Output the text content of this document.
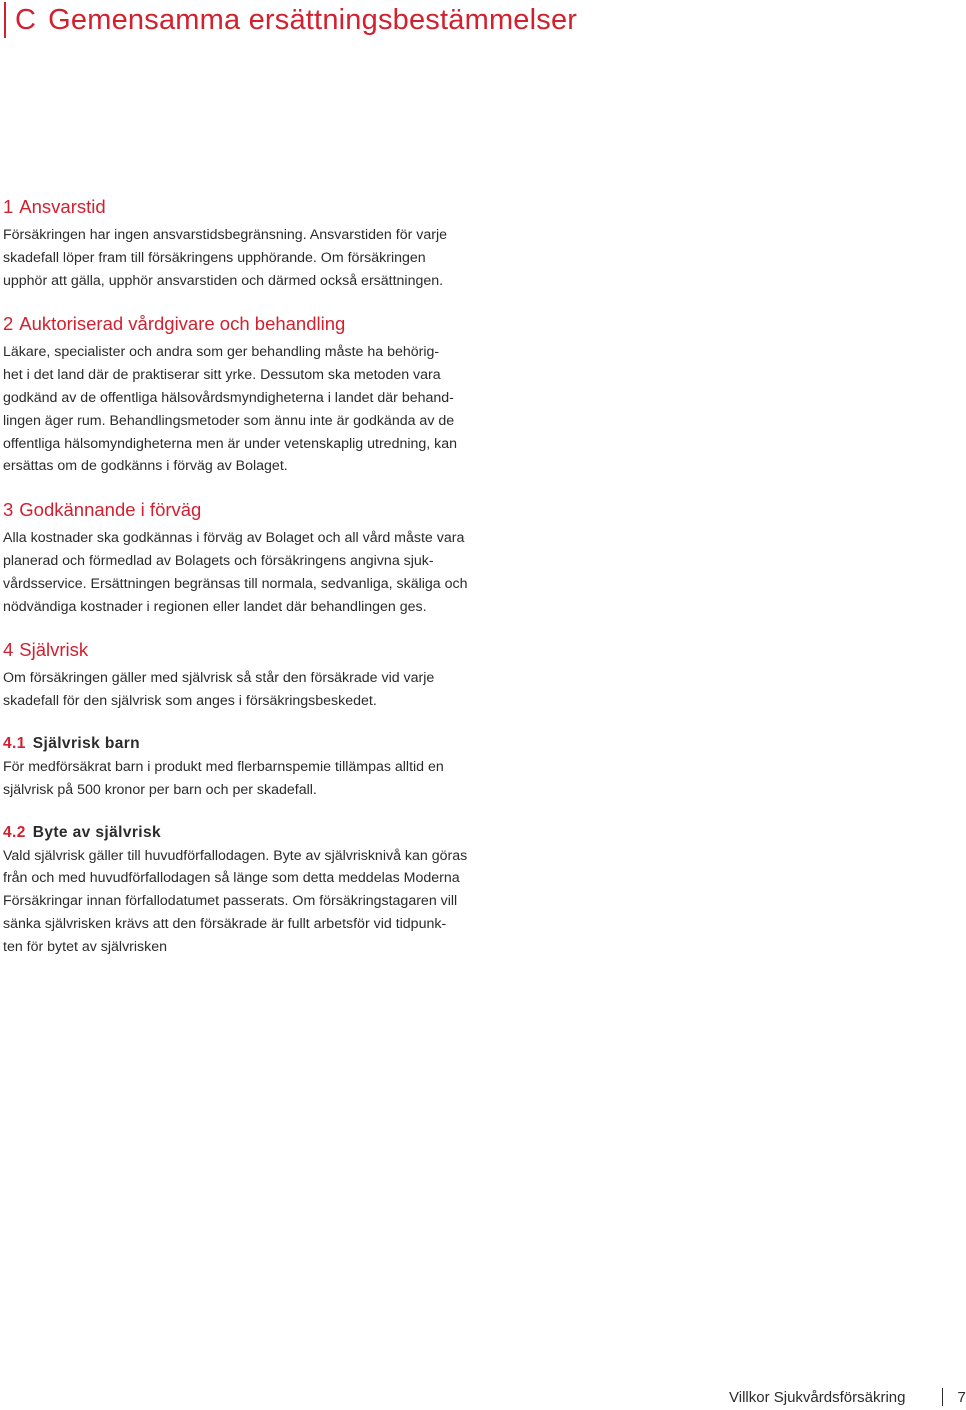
C Gemensamma ersättningsbestämmelser
1 Ansvarstid

Försäkringen har ingen ansvarstidsbegränsning. Ansvarstiden för varje
skadefall löper fram till försäkringens upphörande. Om försäkringen
upphör att gälla, upphör ansvarstiden och därmed också ersättningen.

2 Auktoriserad vårdgivare och behandling

Läkare, specialister och andra som ger behandling måste ha behörig-
het i det land där de praktiserar sitt yrke. Dessutom ska metoden vara
godkänd av de offentliga hälsovårdsmyndigheterna i landet där behand-
lingen äger rum. Behandlingsmetoder som ännu inte är godkända av de
offentliga hälsomyndigheterna men är under vetenskaplig utredning, kan
ersättas om de godkänns i förväg av Bolaget.

3 Godkännande i förväg

Alla kostnader ska godkännas i förväg av Bolaget och all vård måste vara
planerad och förmedlad av Bolagets och försäkringens angivna sjuk-
vårdsservice. Ersättningen begränsas till normala, sedvanliga, skäliga och
nödvändiga kostnader i regionen eller landet där behandlingen ges.

4 Självrisk

Om försäkringen gäller med självrisk så står den försäkrade vid varje
skadefall för den självrisk som anges i försäkringsbeskedet.

4.1 Självrisk barn

För medförsäkrat barn i produkt med flerbarnspemie tillämpas alltid en
självrisk på 500 kronor per barn och per skadefall.

4.2 Byte av självrisk

Vald självrisk gäller till huvudförfallodagen. Byte av självrisknivå kan göras
från och med huvudförfallodagen så länge som detta meddelas Moderna
Försäkringar innan förfallodatumet passerats. Om försäkringstagaren vill
sänka självrisken krävs att den försäkrade är fullt arbetsför vid tidpunk-
ten för bytet av självrisken

Villkor Sjukvårdsförsäkring	7
